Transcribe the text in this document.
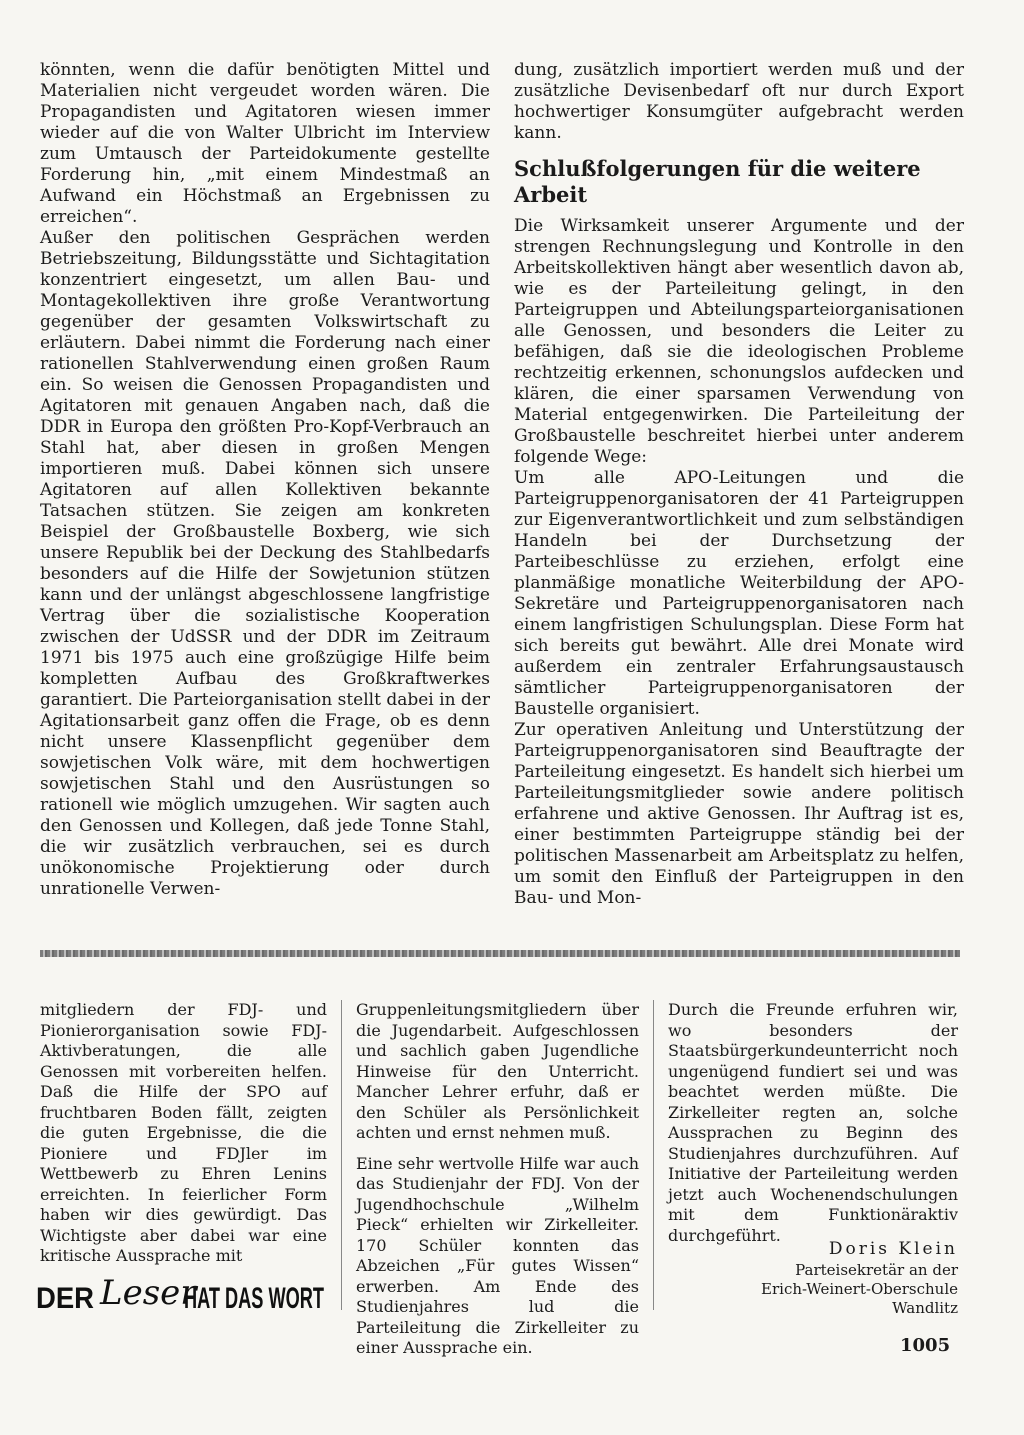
könnten, wenn die dafür benötigten Mittel und Materialien nicht vergeudet worden wären. Die Propagandisten und Agitatoren wiesen immer wieder auf die von Walter Ulbricht im Interview zum Umtausch der Parteidokumente gestellte Forderung hin, „mit einem Mindestmaß an Aufwand ein Höchstmaß an Ergebnissen zu erreichen“.

Außer den politischen Gesprächen werden Betriebszeitung, Bildungsstätte und Sichtagitation konzentriert eingesetzt, um allen Bau- und Montagekollektiven ihre große Verantwortung gegenüber der gesamten Volkswirtschaft zu erläutern. Dabei nimmt die Forderung nach einer rationellen Stahlverwendung einen großen Raum ein. So weisen die Genossen Propagandisten und Agitatoren mit genauen Angaben nach, daß die DDR in Europa den größten Pro-Kopf-Verbrauch an Stahl hat, aber diesen in großen Mengen importieren muß. Dabei können sich unsere Agitatoren auf allen Kollektiven bekannte Tatsachen stützen. Sie zeigen am konkreten Beispiel der Großbaustelle Boxberg, wie sich unsere Republik bei der Deckung des Stahlbedarfs besonders auf die Hilfe der Sowjetunion stützen kann und der unlängst abgeschlossene langfristige Vertrag über die sozialistische Kooperation zwischen der UdSSR und der DDR im Zeitraum 1971 bis 1975 auch eine großzügige Hilfe beim kompletten Aufbau des Großkraftwerkes garantiert. Die Parteiorganisation stellt dabei in der Agitationsarbeit ganz offen die Frage, ob es denn nicht unsere Klassenpflicht gegenüber dem sowjetischen Volk wäre, mit dem hochwertigen sowjetischen Stahl und den Ausrüstungen so rationell wie möglich umzugehen. Wir sagten auch den Genossen und Kollegen, daß jede Tonne Stahl, die wir zusätzlich verbrauchen, sei es durch unökonomische Projektierung oder durch unrationelle Verwen-

dung, zusätzlich importiert werden muß und der zusätzliche Devisenbedarf oft nur durch Export hochwertiger Konsumgüter aufgebracht werden kann.

Schlußfolgerungen für die weitere Arbeit

Die Wirksamkeit unserer Argumente und der strengen Rechnungslegung und Kontrolle in den Arbeitskollektiven hängt aber wesentlich davon ab, wie es der Parteileitung gelingt, in den Parteigruppen und Abteilungsparteiorganisationen alle Genossen, und besonders die Leiter zu befähigen, daß sie die ideologischen Probleme rechtzeitig erkennen, schonungslos aufdecken und klären, die einer sparsamen Verwendung von Material entgegenwirken. Die Parteileitung der Großbaustelle beschreitet hierbei unter anderem folgende Wege:

Um alle APO-Leitungen und die Parteigruppenorganisatoren der 41 Parteigruppen zur Eigenverantwortlichkeit und zum selbständigen Handeln bei der Durchsetzung der Parteibeschlüsse zu erziehen, erfolgt eine planmäßige monatliche Weiterbildung der APO-Sekretäre und Parteigruppenorganisatoren nach einem langfristigen Schulungsplan. Diese Form hat sich bereits gut bewährt. Alle drei Monate wird außerdem ein zentraler Erfahrungsaustausch sämtlicher Parteigruppenorganisatoren der Baustelle organisiert.

Zur operativen Anleitung und Unterstützung der Parteigruppenorganisatoren sind Beauftragte der Parteileitung eingesetzt. Es handelt sich hierbei um Parteileitungsmitglieder sowie andere politisch erfahrene und aktive Genossen. Ihr Auftrag ist es, einer bestimmten Parteigruppe ständig bei der politischen Massenarbeit am Arbeitsplatz zu helfen, um somit den Einfluß der Parteigruppen in den Bau- und Mon-

mitgliedern der FDJ- und Pionierorganisation sowie FDJ-Aktivberatungen, die alle Genossen mit vorbereiten helfen. Daß die Hilfe der SPO auf fruchtbaren Boden fällt, zeigten die guten Ergebnisse, die die Pioniere und FDJler im Wettbewerb zu Ehren Lenins erreichten. In feierlicher Form haben wir dies gewürdigt. Das Wichtigste aber dabei war eine kritische Aussprache mit

Gruppenleitungsmitgliedern über die Jugendarbeit. Aufgeschlossen und sachlich gaben Jugendliche Hinweise für den Unterricht. Mancher Lehrer erfuhr, daß er den Schüler als Persönlichkeit achten und ernst nehmen muß.

Eine sehr wertvolle Hilfe war auch das Studienjahr der FDJ. Von der Jugendhochschule „Wilhelm Pieck“ erhielten wir Zirkelleiter. 170 Schüler konnten das Abzeichen „Für gutes Wissen“ erwerben. Am Ende des Studienjahres lud die Parteileitung die Zirkelleiter zu einer Aussprache ein.

Durch die Freunde erfuhren wir, wo besonders der Staatsbürgerkundeunterricht noch ungenügend fundiert sei und was beachtet werden müßte. Die Zirkelleiter regten an, solche Aussprachen zu Beginn des Studienjahres durchzuführen. Auf Initiative der Parteileitung werden jetzt auch Wochenendschulungen mit dem Funktionäraktiv durchgeführt.

Doris Klein
Parteisekretär an der
Erich-Weinert-Oberschule
Wandlitz
DER Leser
HAT DAS WORT
1005
